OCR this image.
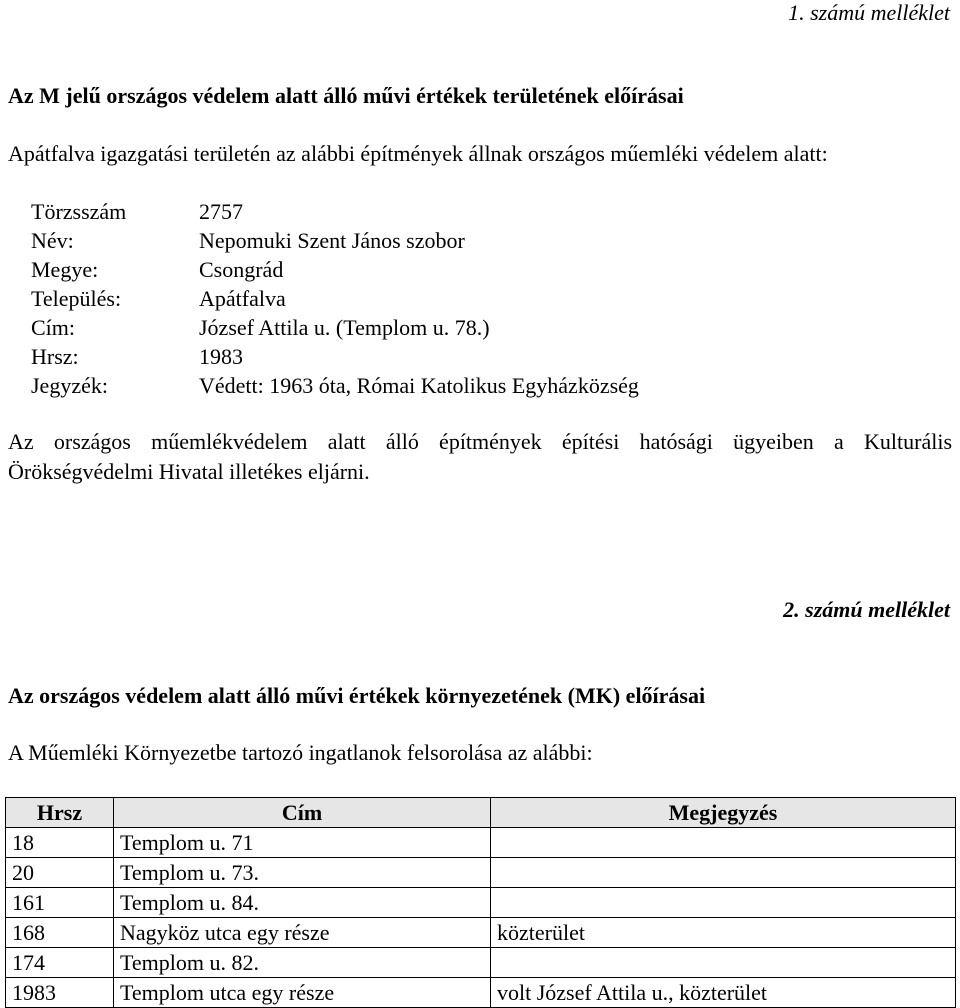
1. számú melléklet
Az M jelű országos védelem alatt álló művi értékek területének előírásai
Apátfalva igazgatási területén az alábbi építmények állnak országos műemléki védelem alatt:
Törzsszám	2757
Név:	Nepomuki Szent János szobor
Megye:	Csongrád
Település:	Apátfalva
Cím:	József Attila u. (Templom u. 78.)
Hrsz:	1983
Jegyzék:	Védett: 1963 óta, Római Katolikus Egyházközség

Az országos műemlékvédelem alatt álló építmények építési hatósági ügyeiben a Kulturális Örökségvédelmi Hivatal illetékes eljárni.

2. számú melléklet
Az országos védelem alatt álló művi értékek környezetének (MK) előírásai
A Műemléki Környezetbe tartozó ingatlanok felsorolása az alábbi:
Hrsz	Cím	Megjegyzés
18	Templom u. 71	
20	Templom u. 73.	
161	Templom u. 84.	
168	Nagyköz utca egy része	közterület
174	Templom u. 82.	
1983	Templom utca egy része	volt József Attila u., közterület
